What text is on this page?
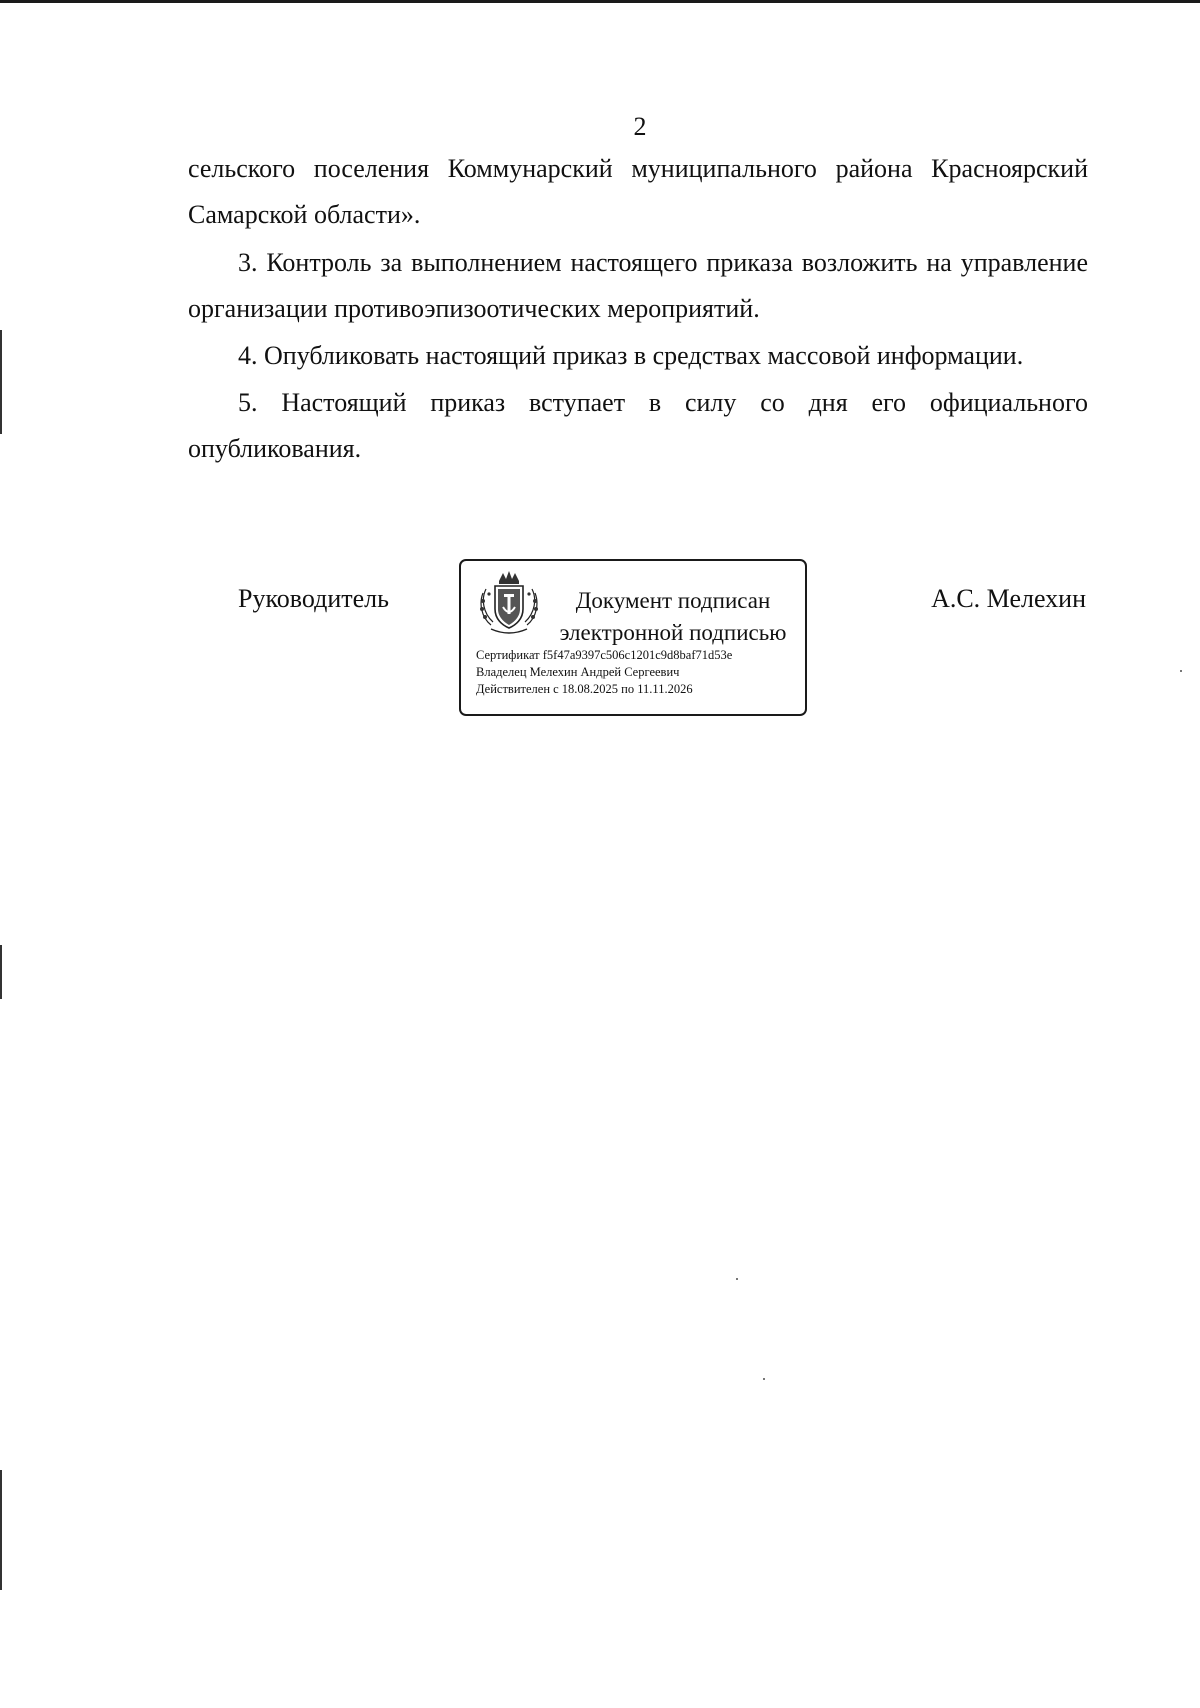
2

сельского поселения Коммунарский муниципального района Красноярский Самарской области».

3. Контроль за выполнением настоящего приказа возложить на управление организации противоэпизоотических мероприятий.

4. Опубликовать настоящий приказ в средствах массовой информации.

5. Настоящий приказ вступает в силу со дня его официального опубликования.

Руководитель	А.С. Мелехин
Документ подписан
электронной подписью
Сертификат f5f47a9397c506c1201c9d8baf71d53e
Владелец Мелехин Андрей Сергеевич
Действителен с 18.08.2025 по 11.11.2026
